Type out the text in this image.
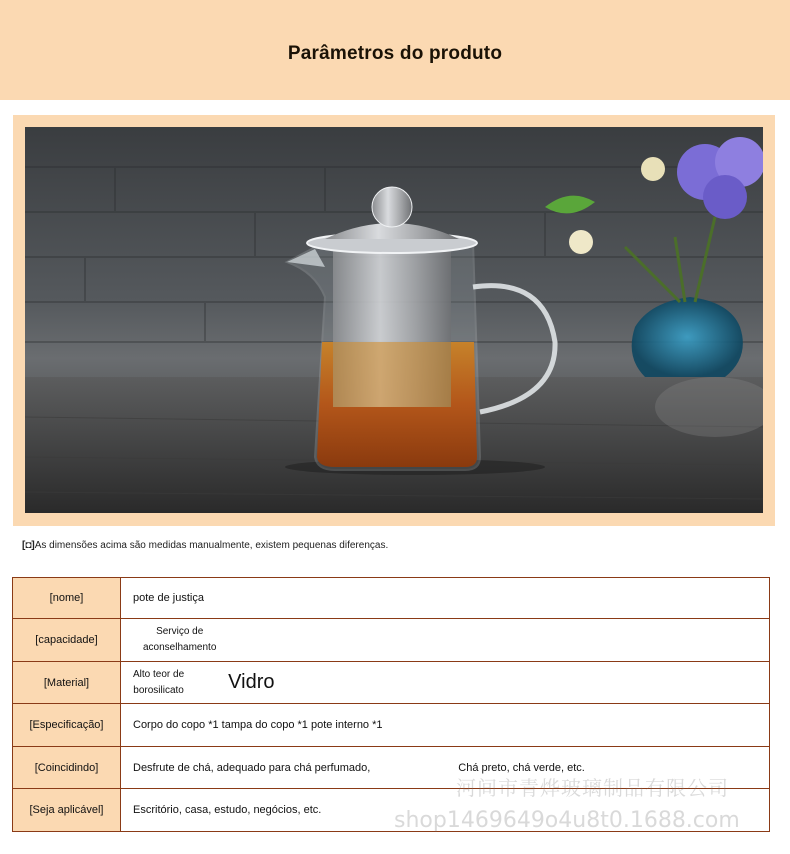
Parâmetros do produto
[◘]As dimensões acima são medidas manualmente, existem pequenas diferenças.
[nome]	pote de justiça
[capacidade]	Serviço de
aconselhamento
[Material]	Alto teor de
borosilicato Vidro
[Especificação]	Corpo do copo *1 tampa do copo *1 pote interno *1
[Coincidindo]	Desfrute de chá, adequado para chá perfumado, Chá preto, chá verde, etc.
[Seja aplicável]	Escritório, casa, estudo, negócios, etc.
河间市青烨玻璃制品有限公司
shop1469649o4u8t0.1688.com
